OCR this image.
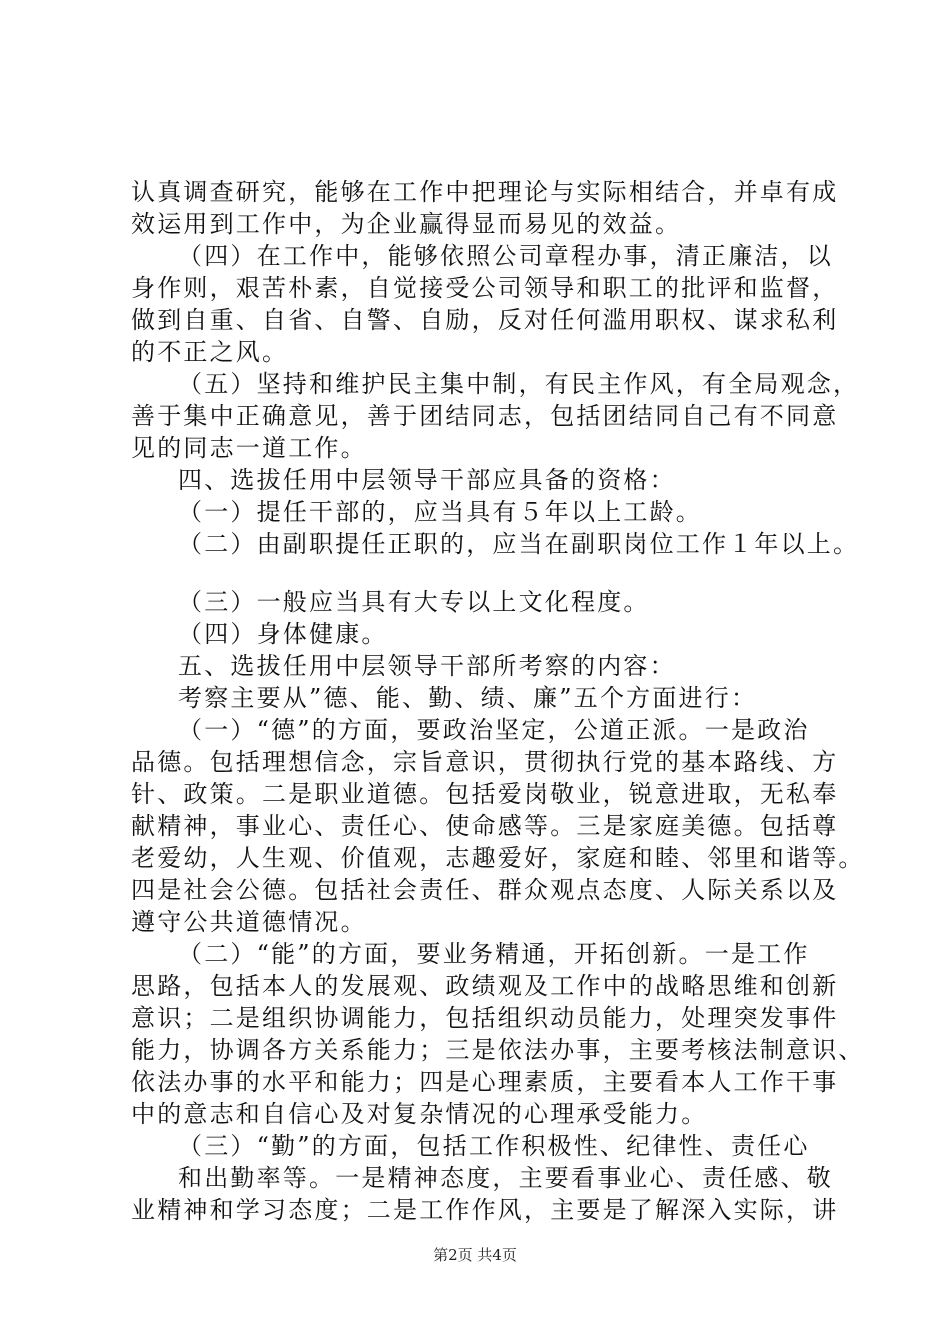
认真调查研究，能够在工作中把理论与实际相结合，并卓有成
效运用到工作中，为企业赢得显而易见的效益。
（四）在工作中，能够依照公司章程办事，清正廉洁，以
身作则，艰苦朴素，自觉接受公司领导和职工的批评和监督，
做到自重、自省、自警、自励，反对任何滥用职权、谋求私利
的不正之风。
（五）坚持和维护民主集中制，有民主作风，有全局观念，
善于集中正确意见，善于团结同志，包括团结同自己有不同意
见的同志一道工作。
四、选拔任用中层领导干部应具备的资格：
（一）提任干部的，应当具有５年以上工龄。
（二）由副职提任正职的，应当在副职岗位工作１年以上。
（三）一般应当具有大专以上文化程度。
（四）身体健康。
五、选拔任用中层领导干部所考察的内容：
考察主要从”德、能、勤、绩、廉”五个方面进行：
（一）“德”的方面，要政治坚定，公道正派。一是政治
品德。包括理想信念，宗旨意识，贯彻执行党的基本路线、方
针、政策。二是职业道德。包括爱岗敬业，锐意进取，无私奉
献精神，事业心、责任心、使命感等。三是家庭美德。包括尊
老爱幼，人生观、价值观，志趣爱好，家庭和睦、邻里和谐等。
四是社会公德。包括社会责任、群众观点态度、人际关系以及
遵守公共道德情况。
（二）“能”的方面，要业务精通，开拓创新。一是工作
思路，包括本人的发展观、政绩观及工作中的战略思维和创新
意识；二是组织协调能力，包括组织动员能力，处理突发事件
能力，协调各方关系能力；三是依法办事，主要考核法制意识、
依法办事的水平和能力；四是心理素质，主要看本人工作干事
中的意志和自信心及对复杂情况的心理承受能力。
（三）“勤”的方面，包括工作积极性、纪律性、责任心
和出勤率等。一是精神态度，主要看事业心、责任感、敬
业精神和学习态度；二是工作作风，主要是了解深入实际，讲
第2页 共4页
